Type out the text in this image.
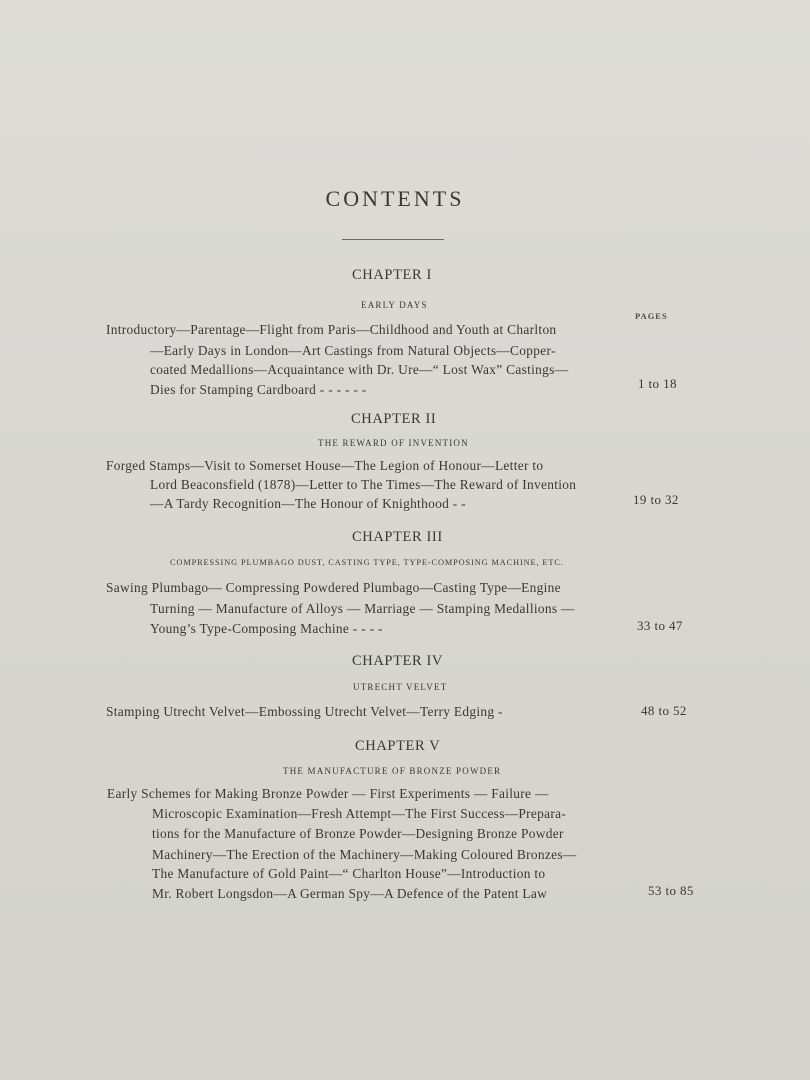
CONTENTS
CHAPTER I
EARLY DAYS
PAGES
Introductory—Parentage—Flight from Paris—Childhood and Youth at Charlton
—Early Days in London—Art Castings from Natural Objects—Copper-
coated Medallions—Acquaintance with Dr. Ure—“ Lost Wax” Castings—
Dies for Stamping Cardboard - - - - - -	1 to 18
CHAPTER II
THE REWARD OF INVENTION
Forged Stamps—Visit to Somerset House—The Legion of Honour—Letter to
Lord Beaconsfield (1878)—Letter to The Times—The Reward of Invention
—A Tardy Recognition—The Honour of Knighthood - -	19 to 32
CHAPTER III
COMPRESSING PLUMBAGO DUST, CASTING TYPE, TYPE-COMPOSING MACHINE, ETC.
Sawing Plumbago— Compressing Powdered Plumbago—Casting Type—Engine
Turning — Manufacture of Alloys — Marriage — Stamping Medallions —
Young’s Type-Composing Machine - - - -	33 to 47
CHAPTER IV
UTRECHT VELVET
Stamping Utrecht Velvet—Embossing Utrecht Velvet—Terry Edging -	48 to 52
CHAPTER V
THE MANUFACTURE OF BRONZE POWDER
Early Schemes for Making Bronze Powder — First Experiments — Failure —
Microscopic Examination—Fresh Attempt—The First Success—Prepara-
tions for the Manufacture of Bronze Powder—Designing Bronze Powder
Machinery—The Erection of the Machinery—Making Coloured Bronzes—
The Manufacture of Gold Paint—“ Charlton House”—Introduction to
Mr. Robert Longsdon—A German Spy—A Defence of the Patent Law	53 to 85
